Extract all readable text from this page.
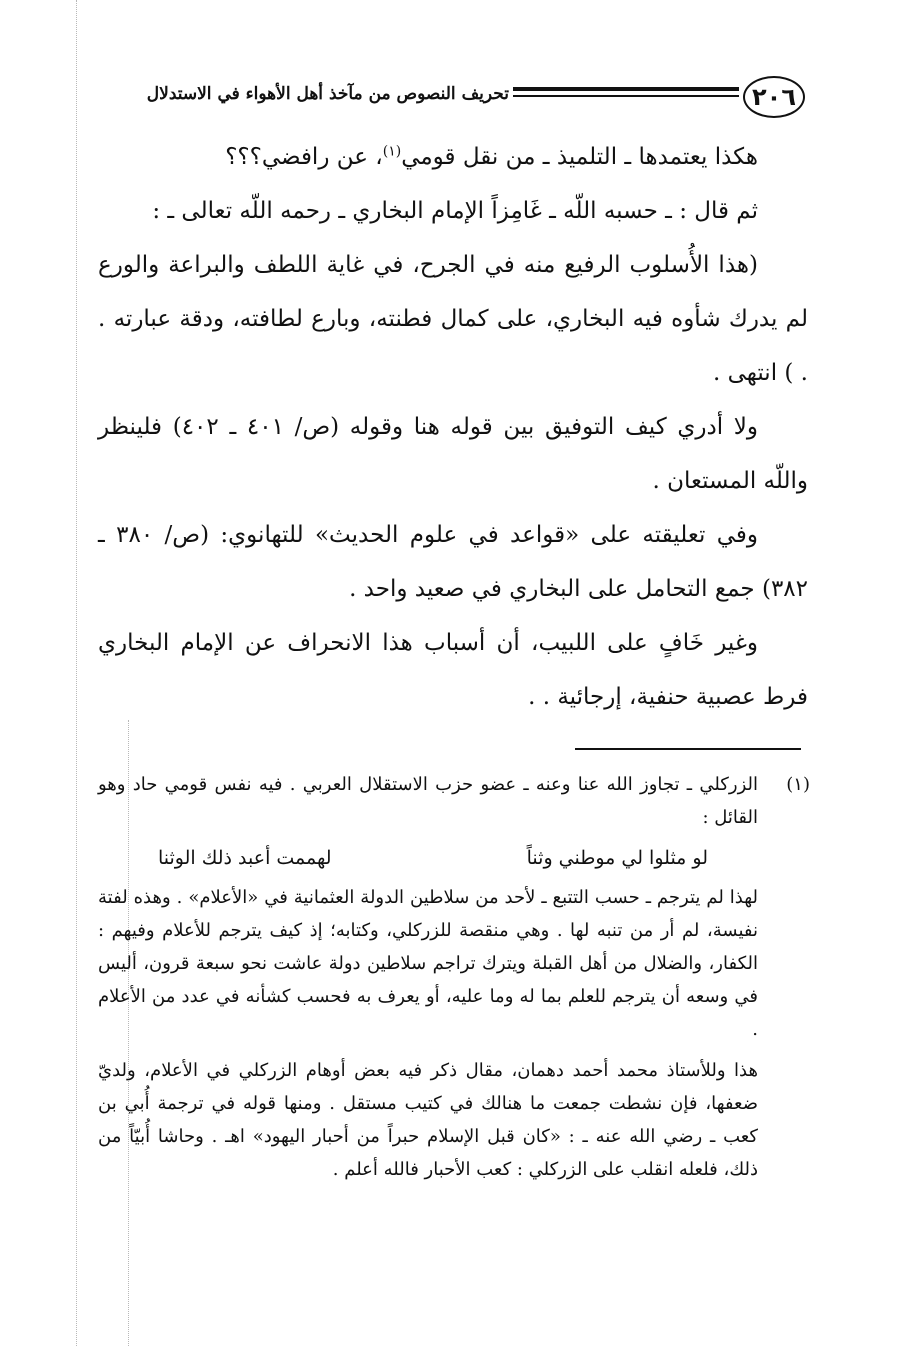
٢٠٦
تحريف النصوص من مآخذ أهل الأهواء في الاستدلال

هكذا يعتمدها ـ التلميذ ـ من نقل قومي$^{(١)}$، عن رافضي؟؟؟

ثم قال : ـ حسبه اللّه ـ غَامِزاً الإمام البخاري ـ رحمه اللّه تعالى ـ :

(هذا الأُسلوب الرفيع منه في الجرح، في غاية اللطف والبراعة والورع لم يدرك شأوه فيه البخاري، على كمال فطنته، وبارع لطافته، ودقة عبارته . . ) انتهى .

ولا أدري كيف التوفيق بين قوله هنا وقوله (ص/ ٤٠١ ـ ٤٠٢) فلينظر واللّه المستعان .

وفي تعليقته على «قواعد في علوم الحديث» للتهانوي: (ص/ ٣٨٠ ـ ٣٨٢) جمع التحامل على البخاري في صعيد واحد .

وغير خَافٍ على اللبيب، أن أسباب هذا الانحراف عن الإمام البخاري فرط عصبية حنفية، إرجائية . .

(١)

الزركلي ـ تجاوز الله عنا وعنه ـ عضو حزب الاستقلال العربي . فيه نفس قومي حاد وهو القائل :

لو مثلوا لي موطني وثناً
لهممت أعبد ذلك الوثنا

لهذا لم يترجم ـ حسب التتبع ـ لأحد من سلاطين الدولة العثمانية في «الأعلام» . وهذه لفتة نفيسة، لم أر من تنبه لها . وهي منقصة للزركلي، وكتابه؛ إذ كيف يترجم للأعلام وفيهم : الكفار، والضلال من أهل القبلة ويترك تراجم سلاطين دولة عاشت نحو سبعة قرون، أليس في وسعه أن يترجم للعلم بما له وما عليه، أو يعرف به فحسب كشأنه في عدد من الأعلام .

هذا وللأستاذ محمد أحمد دهمان، مقال ذكر فيه بعض أوهام الزركلي في الأعلام، ولديّ ضعفها، فإن نشطت جمعت ما هنالك في كتيب مستقل . ومنها قوله في ترجمة أُبي بن كعب ـ رضي الله عنه ـ : «كان قبل الإسلام حبراً من أحبار اليهود» اهـ . وحاشا أُبيّاً من ذلك، فلعله انقلب على الزركلي : كعب الأحبار فالله أعلم .
